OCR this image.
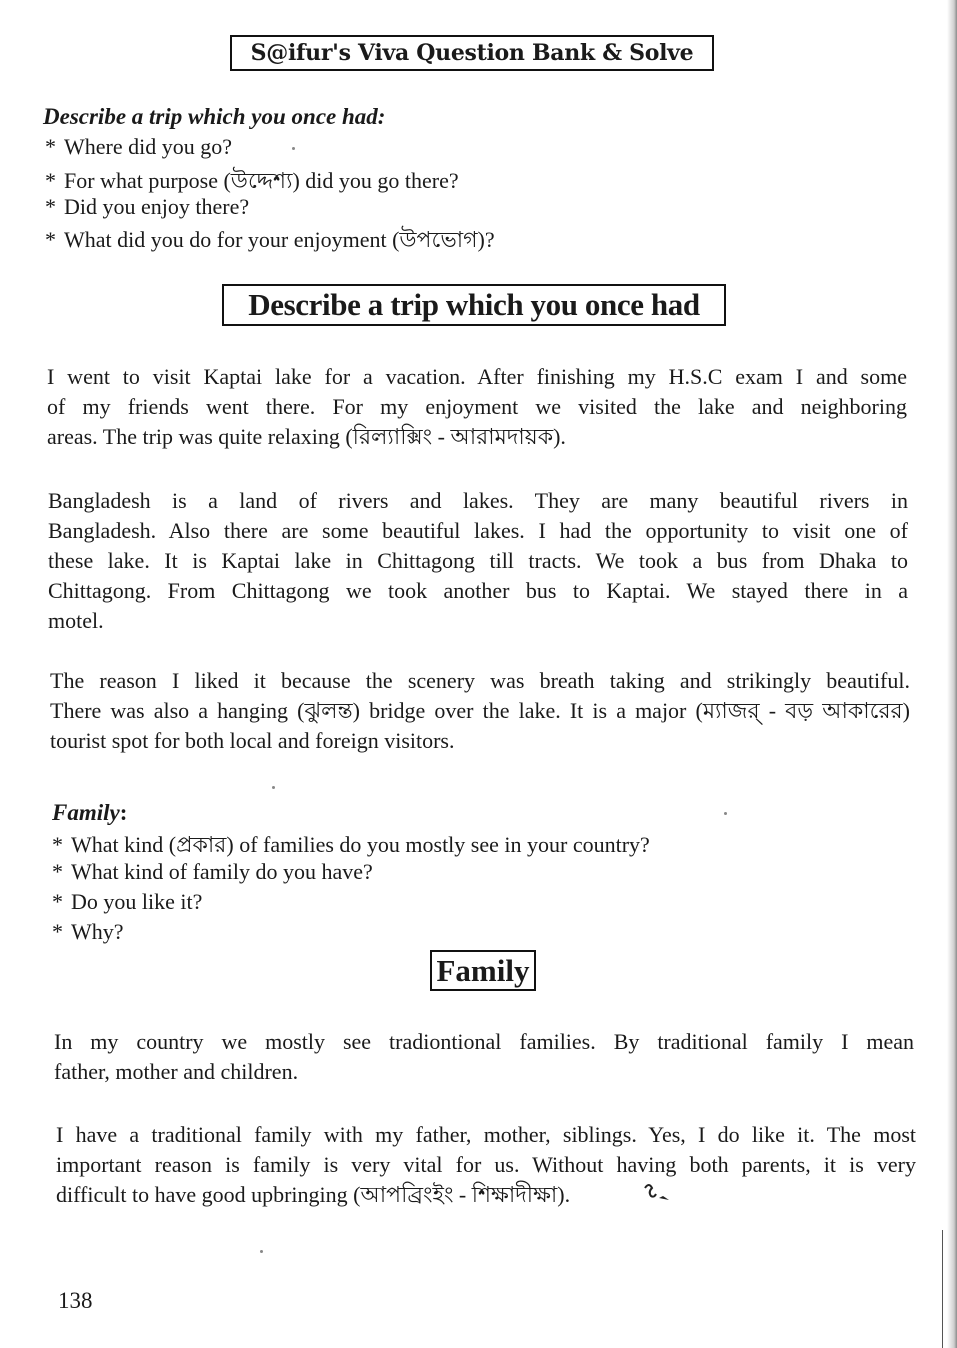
S@ifur's Viva Question Bank & Solve
Describe a trip which you once had:
* Where did you go?
* For what purpose (উদ্দেশ্য) did you go there?
* Did you enjoy there?
* What did you do for your enjoyment (উপভোগ)?
Describe a trip which you once had
I went to visit Kaptai lake for a vacation. After finishing my H.S.C exam I and some
of my friends went there. For my enjoyment we visited the lake and neighboring
areas. The trip was quite relaxing (রিল্যাক্সিং - আরামদায়ক).
Bangladesh is a land of rivers and lakes. They are many beautiful rivers in
Bangladesh. Also there are some beautiful lakes. I had the opportunity to visit one of
these lake. It is Kaptai lake in Chittagong till tracts. We took a bus from Dhaka to
Chittagong. From Chittagong we took another bus to Kaptai. We stayed there in a
motel.
The reason I liked it because the scenery was breath taking and strikingly beautiful.
There was also a hanging (ঝুলন্ত) bridge over the lake. It is a major (ম্যাজর্ - বড় আকারের)
tourist spot for both local and foreign visitors.
Family:
* What kind (প্রকার) of families do you mostly see in your country?
* What kind of family do you have?
* Do you like it?
* Why?
Family
In my country we mostly see tradiontional families. By traditional family I mean
father, mother and children.
I have a traditional family with my father, mother, siblings. Yes, I do like it. The most
important reason is family is very vital for us. Without having both parents, it is very
difficult to have good upbringing (আপব্রিংইং - শিক্ষাদীক্ষা).
138
